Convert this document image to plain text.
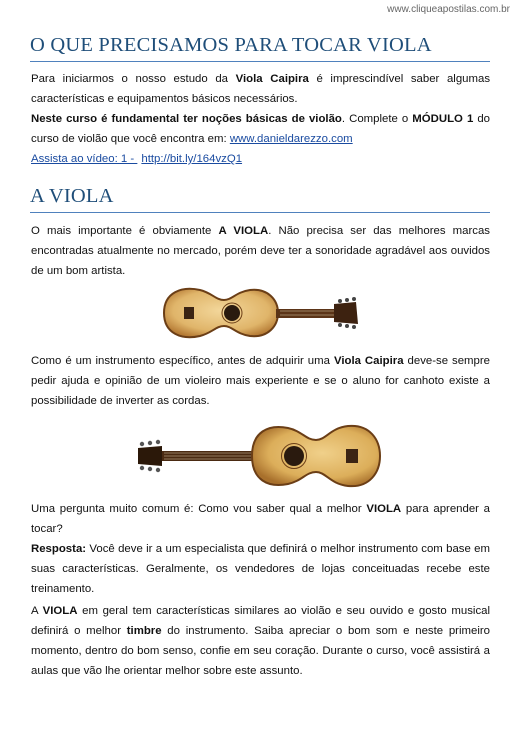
www.cliqueapostilas.com.br
O QUE PRECISAMOS PARA TOCAR VIOLA
Para iniciarmos o nosso estudo da Viola Caipira é imprescindível saber algumas características e equipamentos básicos necessários.
Neste curso é fundamental ter noções básicas de violão. Complete o MÓDULO 1 do curso de violão que você encontra em: www.danieldarezzo.com
Assista ao vídeo: 1 - http://bit.ly/164vzQ1
A VIOLA
O mais importante é obviamente A VIOLA. Não precisa ser das melhores marcas encontradas atualmente no mercado, porém deve ter a sonoridade agradável aos ouvidos de um bom artista.
Como é um instrumento específico, antes de adquirir uma Viola Caipira deve-se sempre pedir ajuda e opinião de um violeiro mais experiente e se o aluno for canhoto existe a possibilidade de inverter as cordas.
Uma pergunta muito comum é: Como vou saber qual a melhor VIOLA para aprender a tocar?
Resposta: Você deve ir a um especialista que definirá o melhor instrumento com base em suas características. Geralmente, os vendedores de lojas conceituadas recebe este treinamento.
A VIOLA em geral tem características similares ao violão e seu ouvido e gosto musical definirá o melhor timbre do instrumento. Saiba apreciar o bom som e neste primeiro momento, dentro do bom senso, confie em seu coração. Durante o curso, você assistirá a aulas que vão lhe orientar melhor sobre este assunto.
